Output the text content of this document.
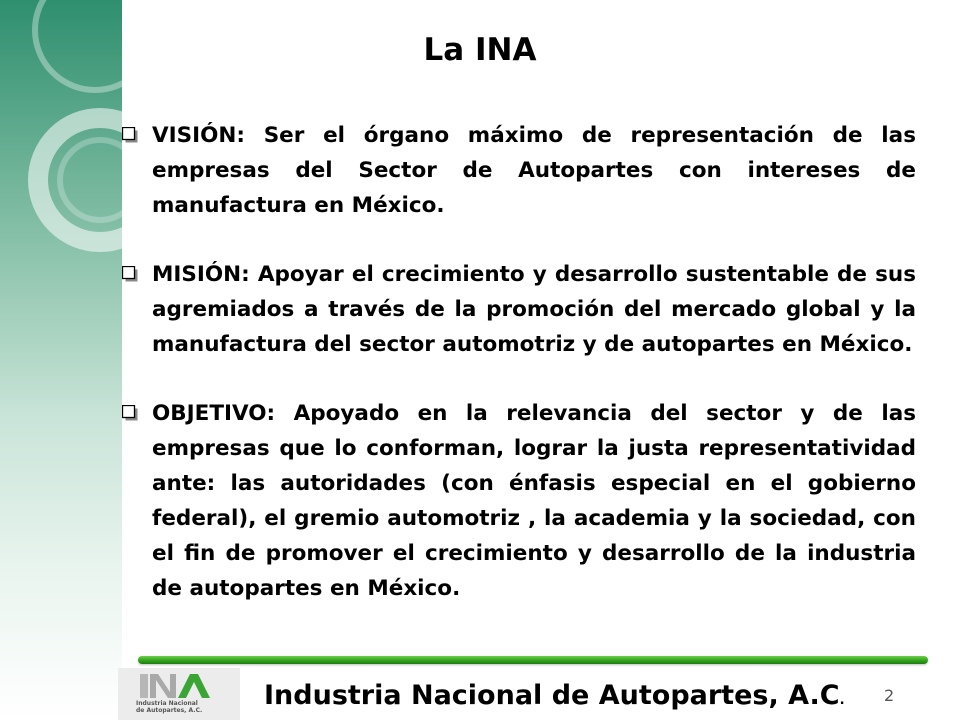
La INA
VISIÓN: Ser el órgano máximo de representación de las empresas del Sector de Autopartes con intereses de manufactura en México.
MISIÓN: Apoyar el crecimiento y desarrollo sustentable de sus agremiados a través de la promoción del mercado global y la manufactura del sector automotriz y de autopartes en México.
OBJETIVO: Apoyado en la relevancia del sector y de las empresas que lo conforman, lograr la justa representatividad ante: las autoridades (con énfasis especial en el gobierno federal), el gremio automotriz , la academia y la sociedad, con el fin de promover el crecimiento y desarrollo de la industria de autopartes en México.
Industria Nacional
de Autopartes, A.C. Industria Nacional de Autopartes, A.C. 2
